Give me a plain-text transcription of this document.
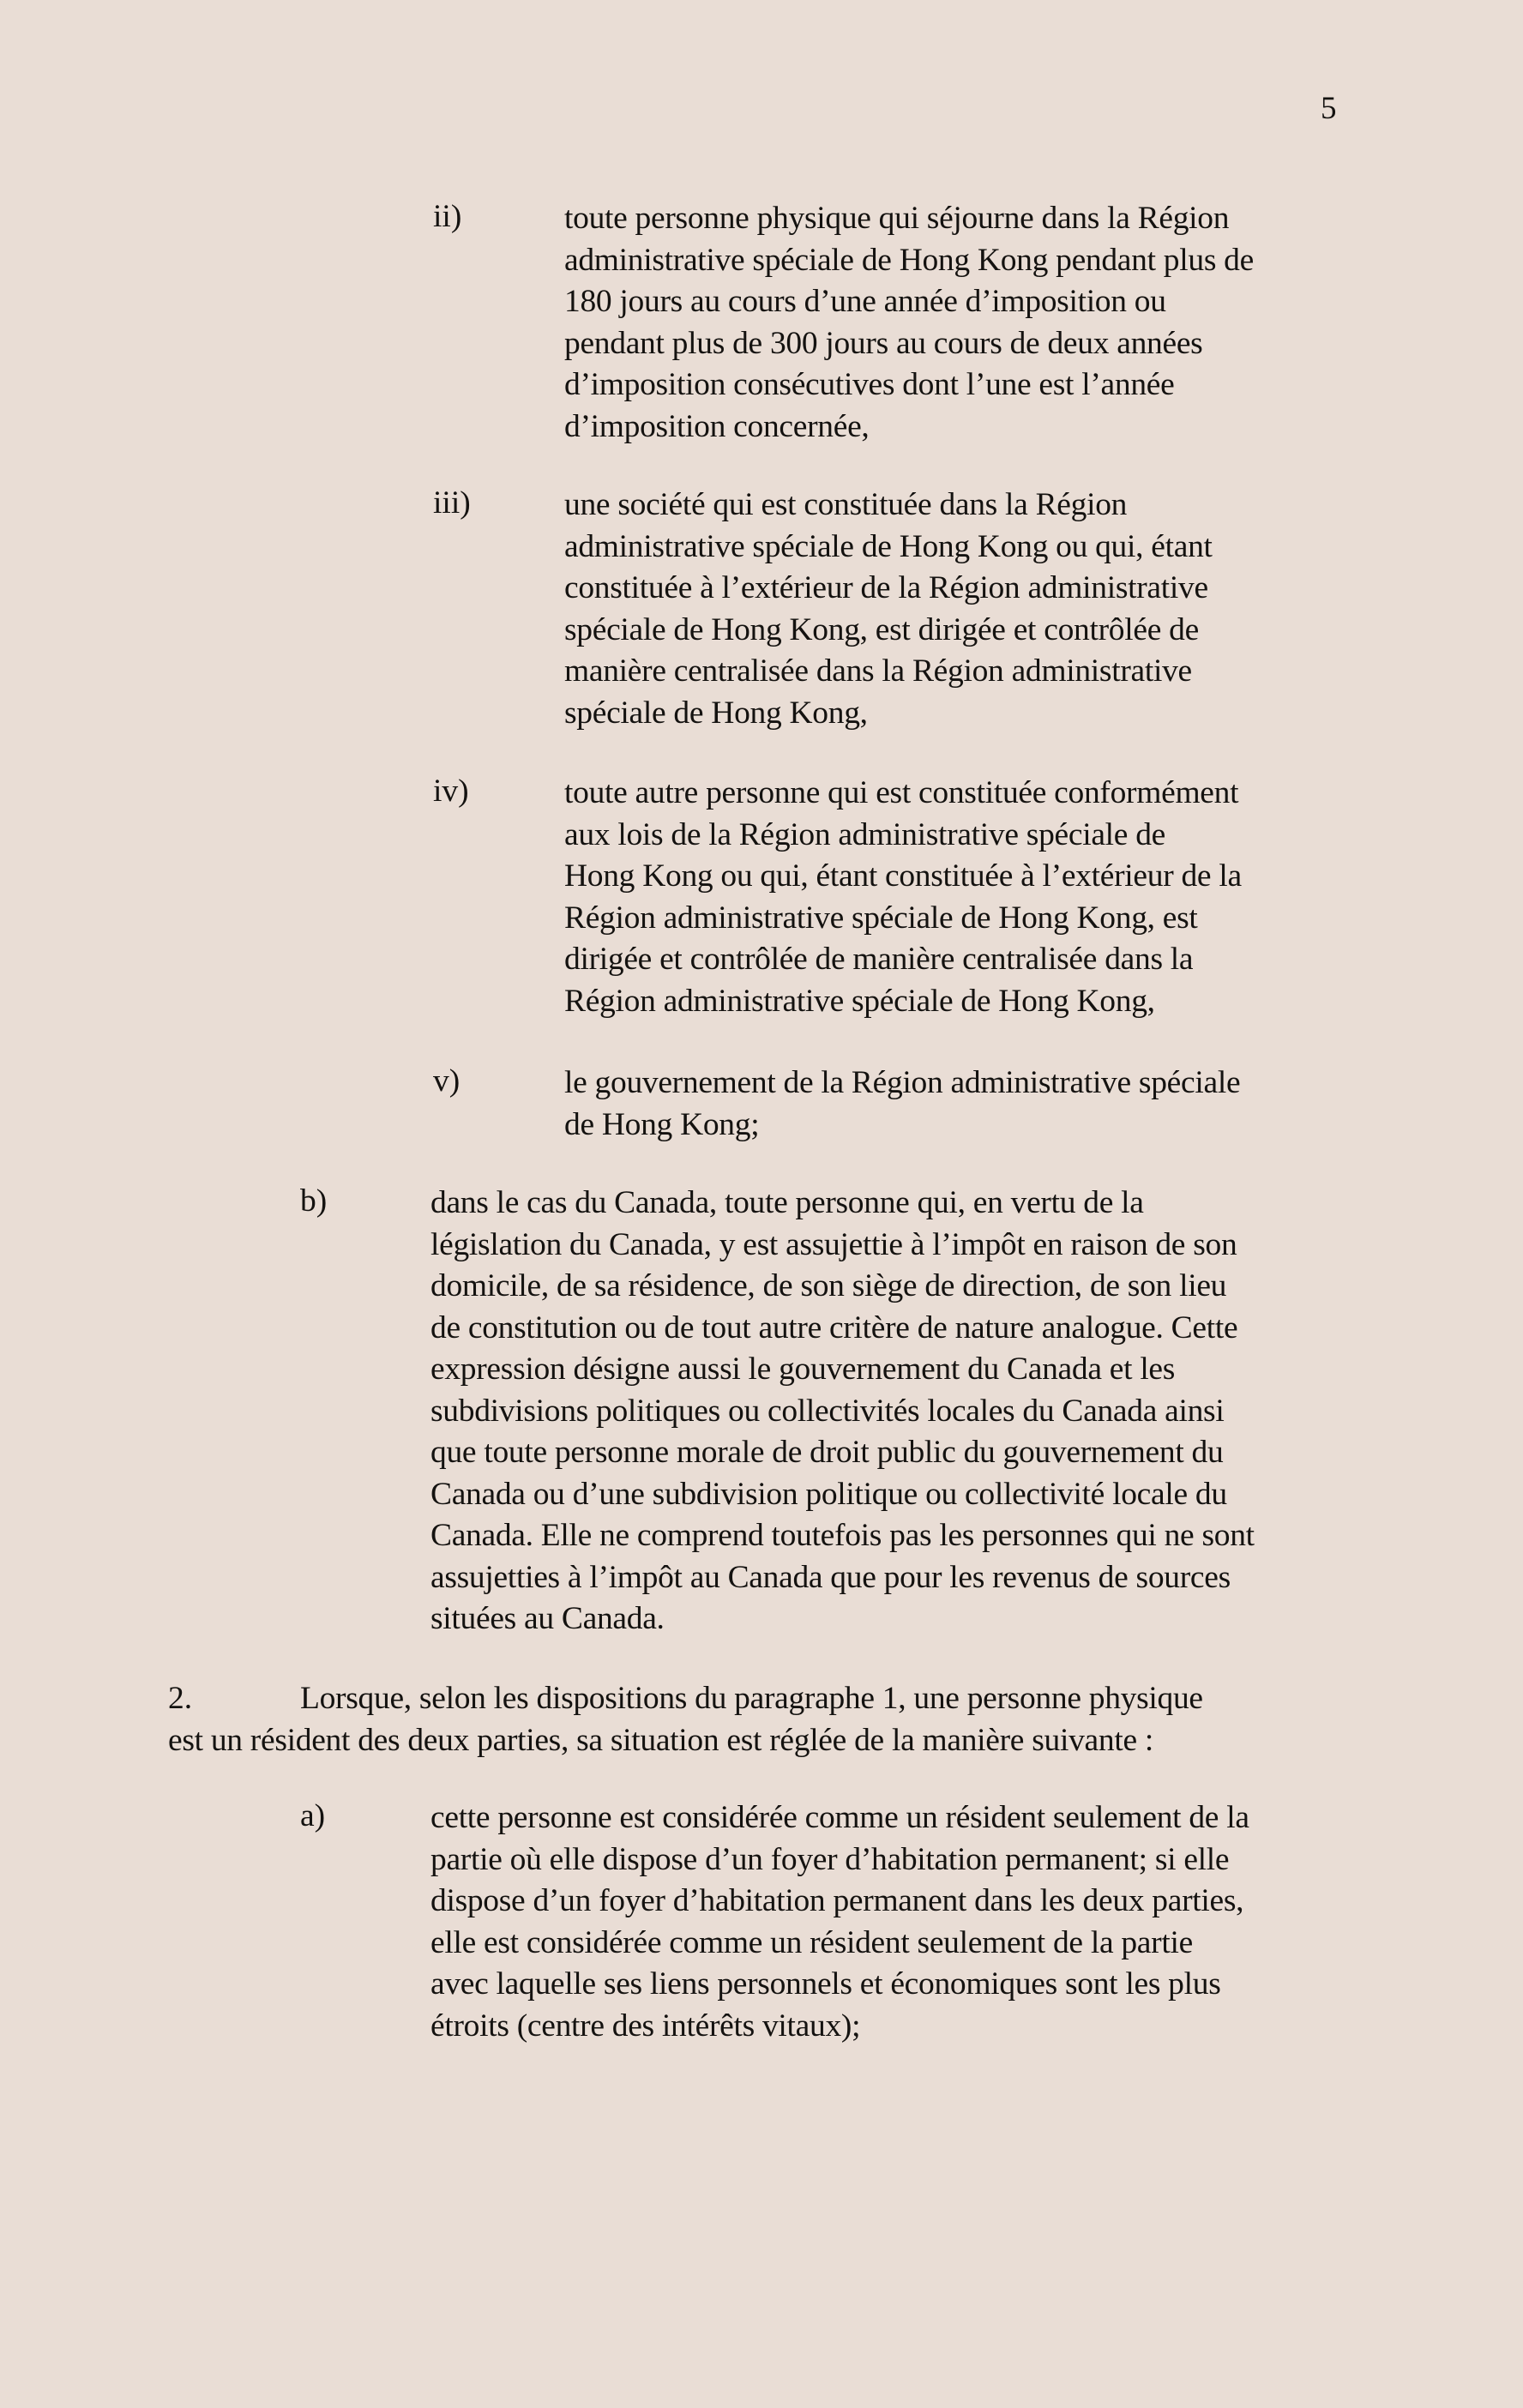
5
ii)	toute personne physique qui séjourne dans la Région
administrative spéciale de Hong Kong pendant plus de
180 jours au cours d’une année d’imposition ou
pendant plus de 300 jours au cours de deux années
d’imposition consécutives dont l’une est l’année
d’imposition concernée,
iii)	une société qui est constituée dans la Région
administrative spéciale de Hong Kong ou qui, étant
constituée à l’extérieur de la Région administrative
spéciale de Hong Kong, est dirigée et contrôlée de
manière centralisée dans la Région administrative
spéciale de Hong Kong,
iv)	toute autre personne qui est constituée conformément
aux lois de la Région administrative spéciale de
Hong Kong ou qui, étant constituée à l’extérieur de la
Région administrative spéciale de Hong Kong, est
dirigée et contrôlée de manière centralisée dans la
Région administrative spéciale de Hong Kong,
v)	le gouvernement de la Région administrative spéciale
de Hong Kong;
b)	dans le cas du Canada, toute personne qui, en vertu de la
législation du Canada, y est assujettie à l’impôt en raison de son
domicile, de sa résidence, de son siège de direction, de son lieu
de constitution ou de tout autre critère de nature analogue. Cette
expression désigne aussi le gouvernement du Canada et les
subdivisions politiques ou collectivités locales du Canada ainsi
que toute personne morale de droit public du gouvernement du
Canada ou d’une subdivision politique ou collectivité locale du
Canada. Elle ne comprend toutefois pas les personnes qui ne sont
assujetties à l’impôt au Canada que pour les revenus de sources
situées au Canada.
2.	Lorsque, selon les dispositions du paragraphe 1, une personne physique
est un résident des deux parties, sa situation est réglée de la manière suivante :
a)	cette personne est considérée comme un résident seulement de la
partie où elle dispose d’un foyer d’habitation permanent; si elle
dispose d’un foyer d’habitation permanent dans les deux parties,
elle est considérée comme un résident seulement de la partie
avec laquelle ses liens personnels et économiques sont les plus
étroits (centre des intérêts vitaux);
